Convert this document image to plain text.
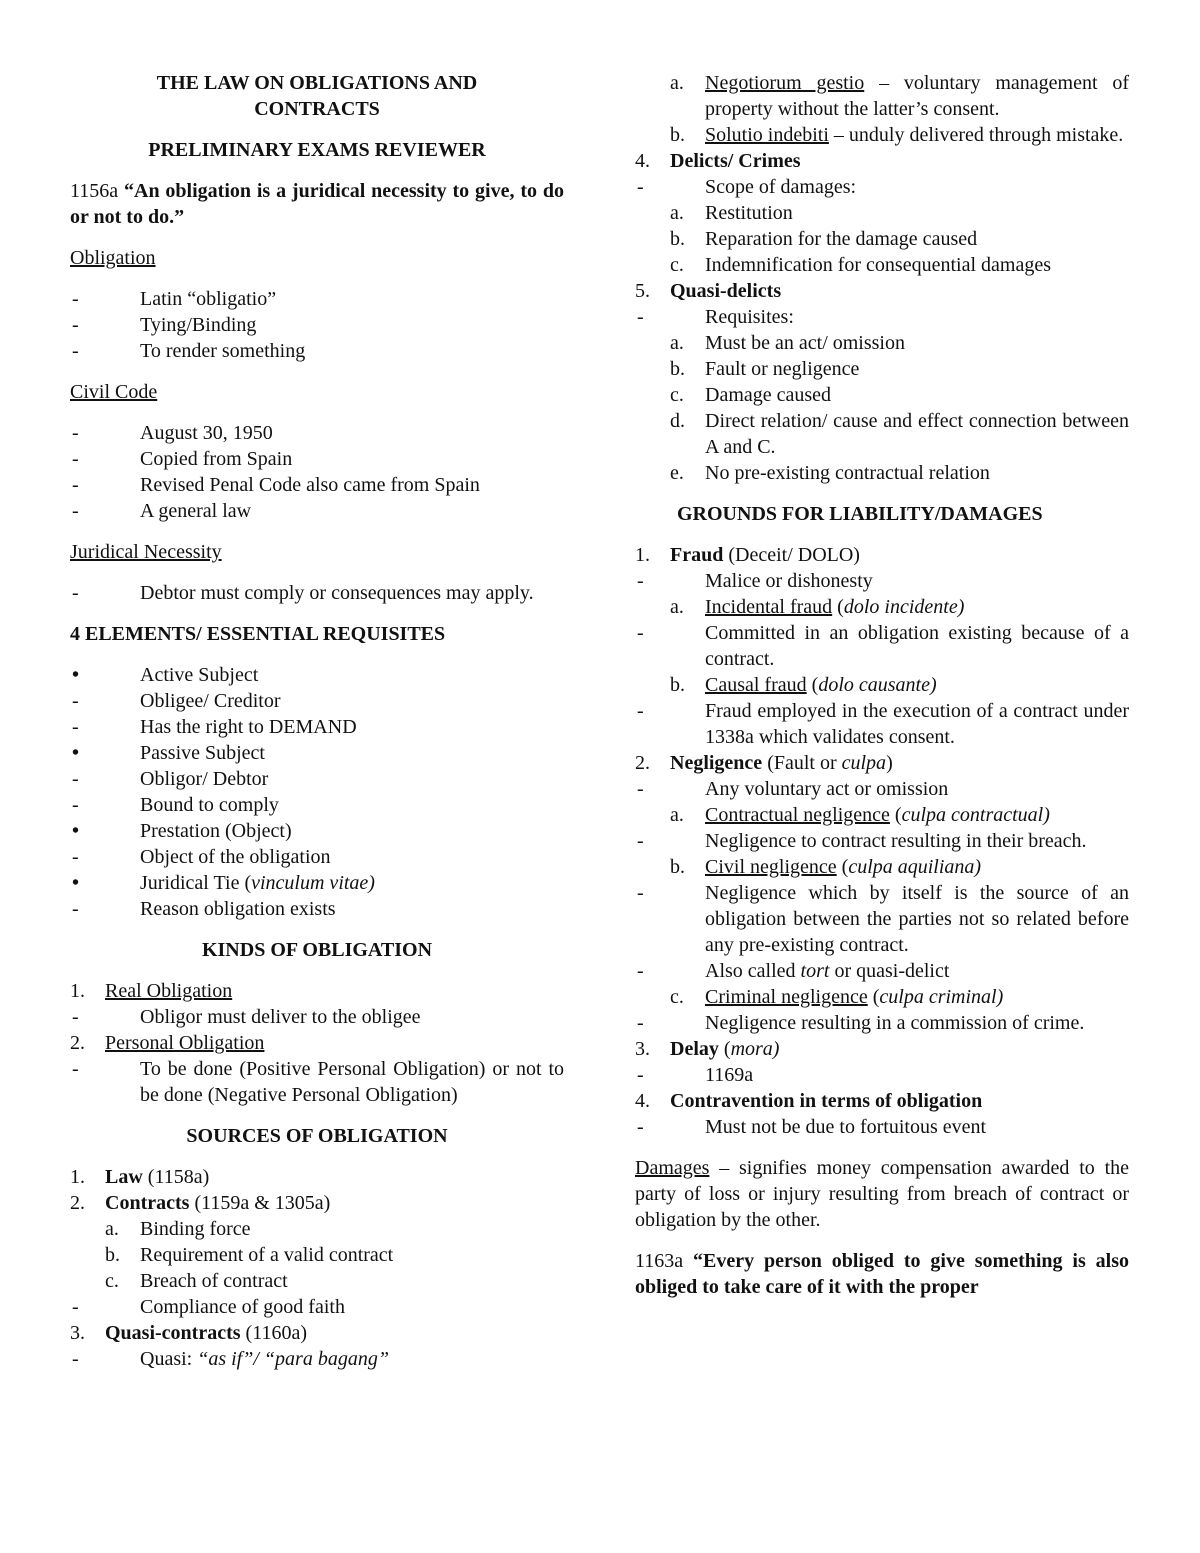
THE LAW ON OBLIGATIONS AND
CONTRACTS
PRELIMINARY EXAMS REVIEWER
1156a “An obligation is a juridical necessity to give, to do or not to do.”
Obligation
-	Latin “obligatio”
-	Tying/Binding
-	To render something
Civil Code
-	August 30, 1950
-	Copied from Spain
-	Revised Penal Code also came from Spain
-	A general law
Juridical Necessity
-	Debtor must comply or consequences may apply.
4 ELEMENTS/ ESSENTIAL REQUISITES
•	Active Subject
-	Obligee/ Creditor
-	Has the right to DEMAND
•	Passive Subject
-	Obligor/ Debtor
-	Bound to comply
•	Prestation (Object)
-	Object of the obligation
•	Juridical Tie (vinculum vitae)
-	Reason obligation exists
KINDS OF OBLIGATION
1.	Real Obligation
-	Obligor must deliver to the obligee
2.	Personal Obligation
-	To be done (Positive Personal Obligation) or not to be done (Negative Personal Obligation)
SOURCES OF OBLIGATION
1.	Law (1158a)
2.	Contracts (1159a & 1305a)
a.	Binding force
b.	Requirement of a valid contract
c.	Breach of contract
-	Compliance of good faith
3.	Quasi-contracts (1160a)
-	Quasi: “as if”/ “para bagang”
a.	Negotiorum gestio – voluntary management of property without the latter’s consent.
b.	Solutio indebiti – unduly delivered through mistake.
4.	Delicts/ Crimes
-	Scope of damages:
a.	Restitution
b.	Reparation for the damage caused
c.	Indemnification for consequential damages
5.	Quasi-delicts
-	Requisites:
a.	Must be an act/ omission
b.	Fault or negligence
c.	Damage caused
d.	Direct relation/ cause and effect connection between A and C.
e.	No pre-existing contractual relation
GROUNDS FOR LIABILITY/DAMAGES
1.	Fraud (Deceit/ DOLO)
-	Malice or dishonesty
a.	Incidental fraud (dolo incidente)
-	Committed in an obligation existing because of a contract.
b.	Causal fraud (dolo causante)
-	Fraud employed in the execution of a contract under 1338a which validates consent.
2.	Negligence (Fault or culpa)
-	Any voluntary act or omission
a.	Contractual negligence (culpa contractual)
-	Negligence to contract resulting in their breach.
b.	Civil negligence (culpa aquiliana)
-	Negligence which by itself is the source of an obligation between the parties not so related before any pre-existing contract.
-	Also called tort or quasi-delict
c.	Criminal negligence (culpa criminal)
-	Negligence resulting in a commission of crime.
3.	Delay (mora)
-	1169a
4.	Contravention in terms of obligation
-	Must not be due to fortuitous event
Damages – signifies money compensation awarded to the party of loss or injury resulting from breach of contract or obligation by the other.
1163a “Every person obliged to give something is also obliged to take care of it with the proper
